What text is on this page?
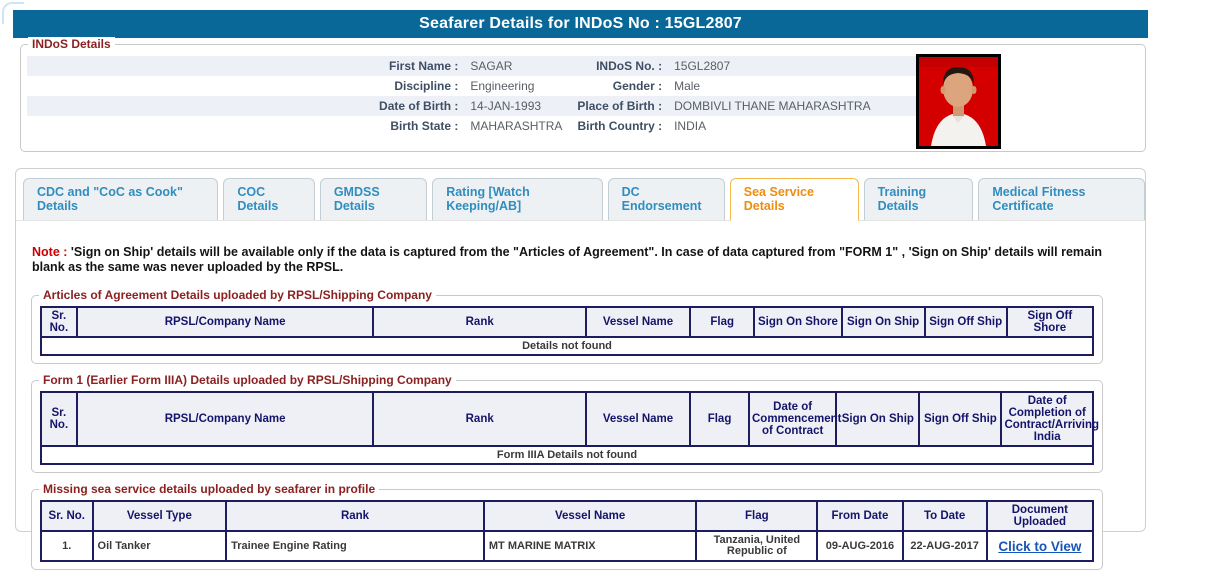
Seafarer Details for INDoS No : 15GL2807
INDoS Details
First Name :	SAGAR	INDoS No. :	15GL2807
Discipline :	Engineering	Gender :	Male
Date of Birth :	14-JAN-1993	Place of Birth :	DOMBIVLI THANE MAHARASHTRA
Birth State :	MAHARASHTRA	Birth Country :	INDIA
CDC and "CoC as Cook" Details
COC Details
GMDSS Details
Rating [Watch Keeping/AB]
DC Endorsement
Sea Service Details
Training Details
Medical Fitness Certificate
Note : 'Sign on Ship' details will be available only if the data is captured from the "Articles of Agreement". In case of data captured from "FORM 1" , 'Sign on Ship' details will remain blank as the same was never uploaded by the RPSL.
Articles of Agreement Details uploaded by RPSL/Shipping Company
Sr. No.	RPSL/Company Name	Rank	Vessel Name	Flag	Sign On Shore	Sign On Ship	Sign Off Ship	Sign Off Shore
Details not found
Form 1 (Earlier Form IIIA) Details uploaded by RPSL/Shipping Company
Sr. No.	RPSL/Company Name	Rank	Vessel Name	Flag	Date of Commencement of Contract	Sign On Ship	Sign Off Ship	Date of Completion of Contract/Arriving India
Form IIIA Details not found
Missing sea service details uploaded by seafarer in profile
Sr. No.	Vessel Type	Rank	Vessel Name	Flag	From Date	To Date	Document Uploaded
1.	Oil Tanker	Trainee Engine Rating	MT MARINE MATRIX	Tanzania, United Republic of	09-AUG-2016	22-AUG-2017	Click to View
